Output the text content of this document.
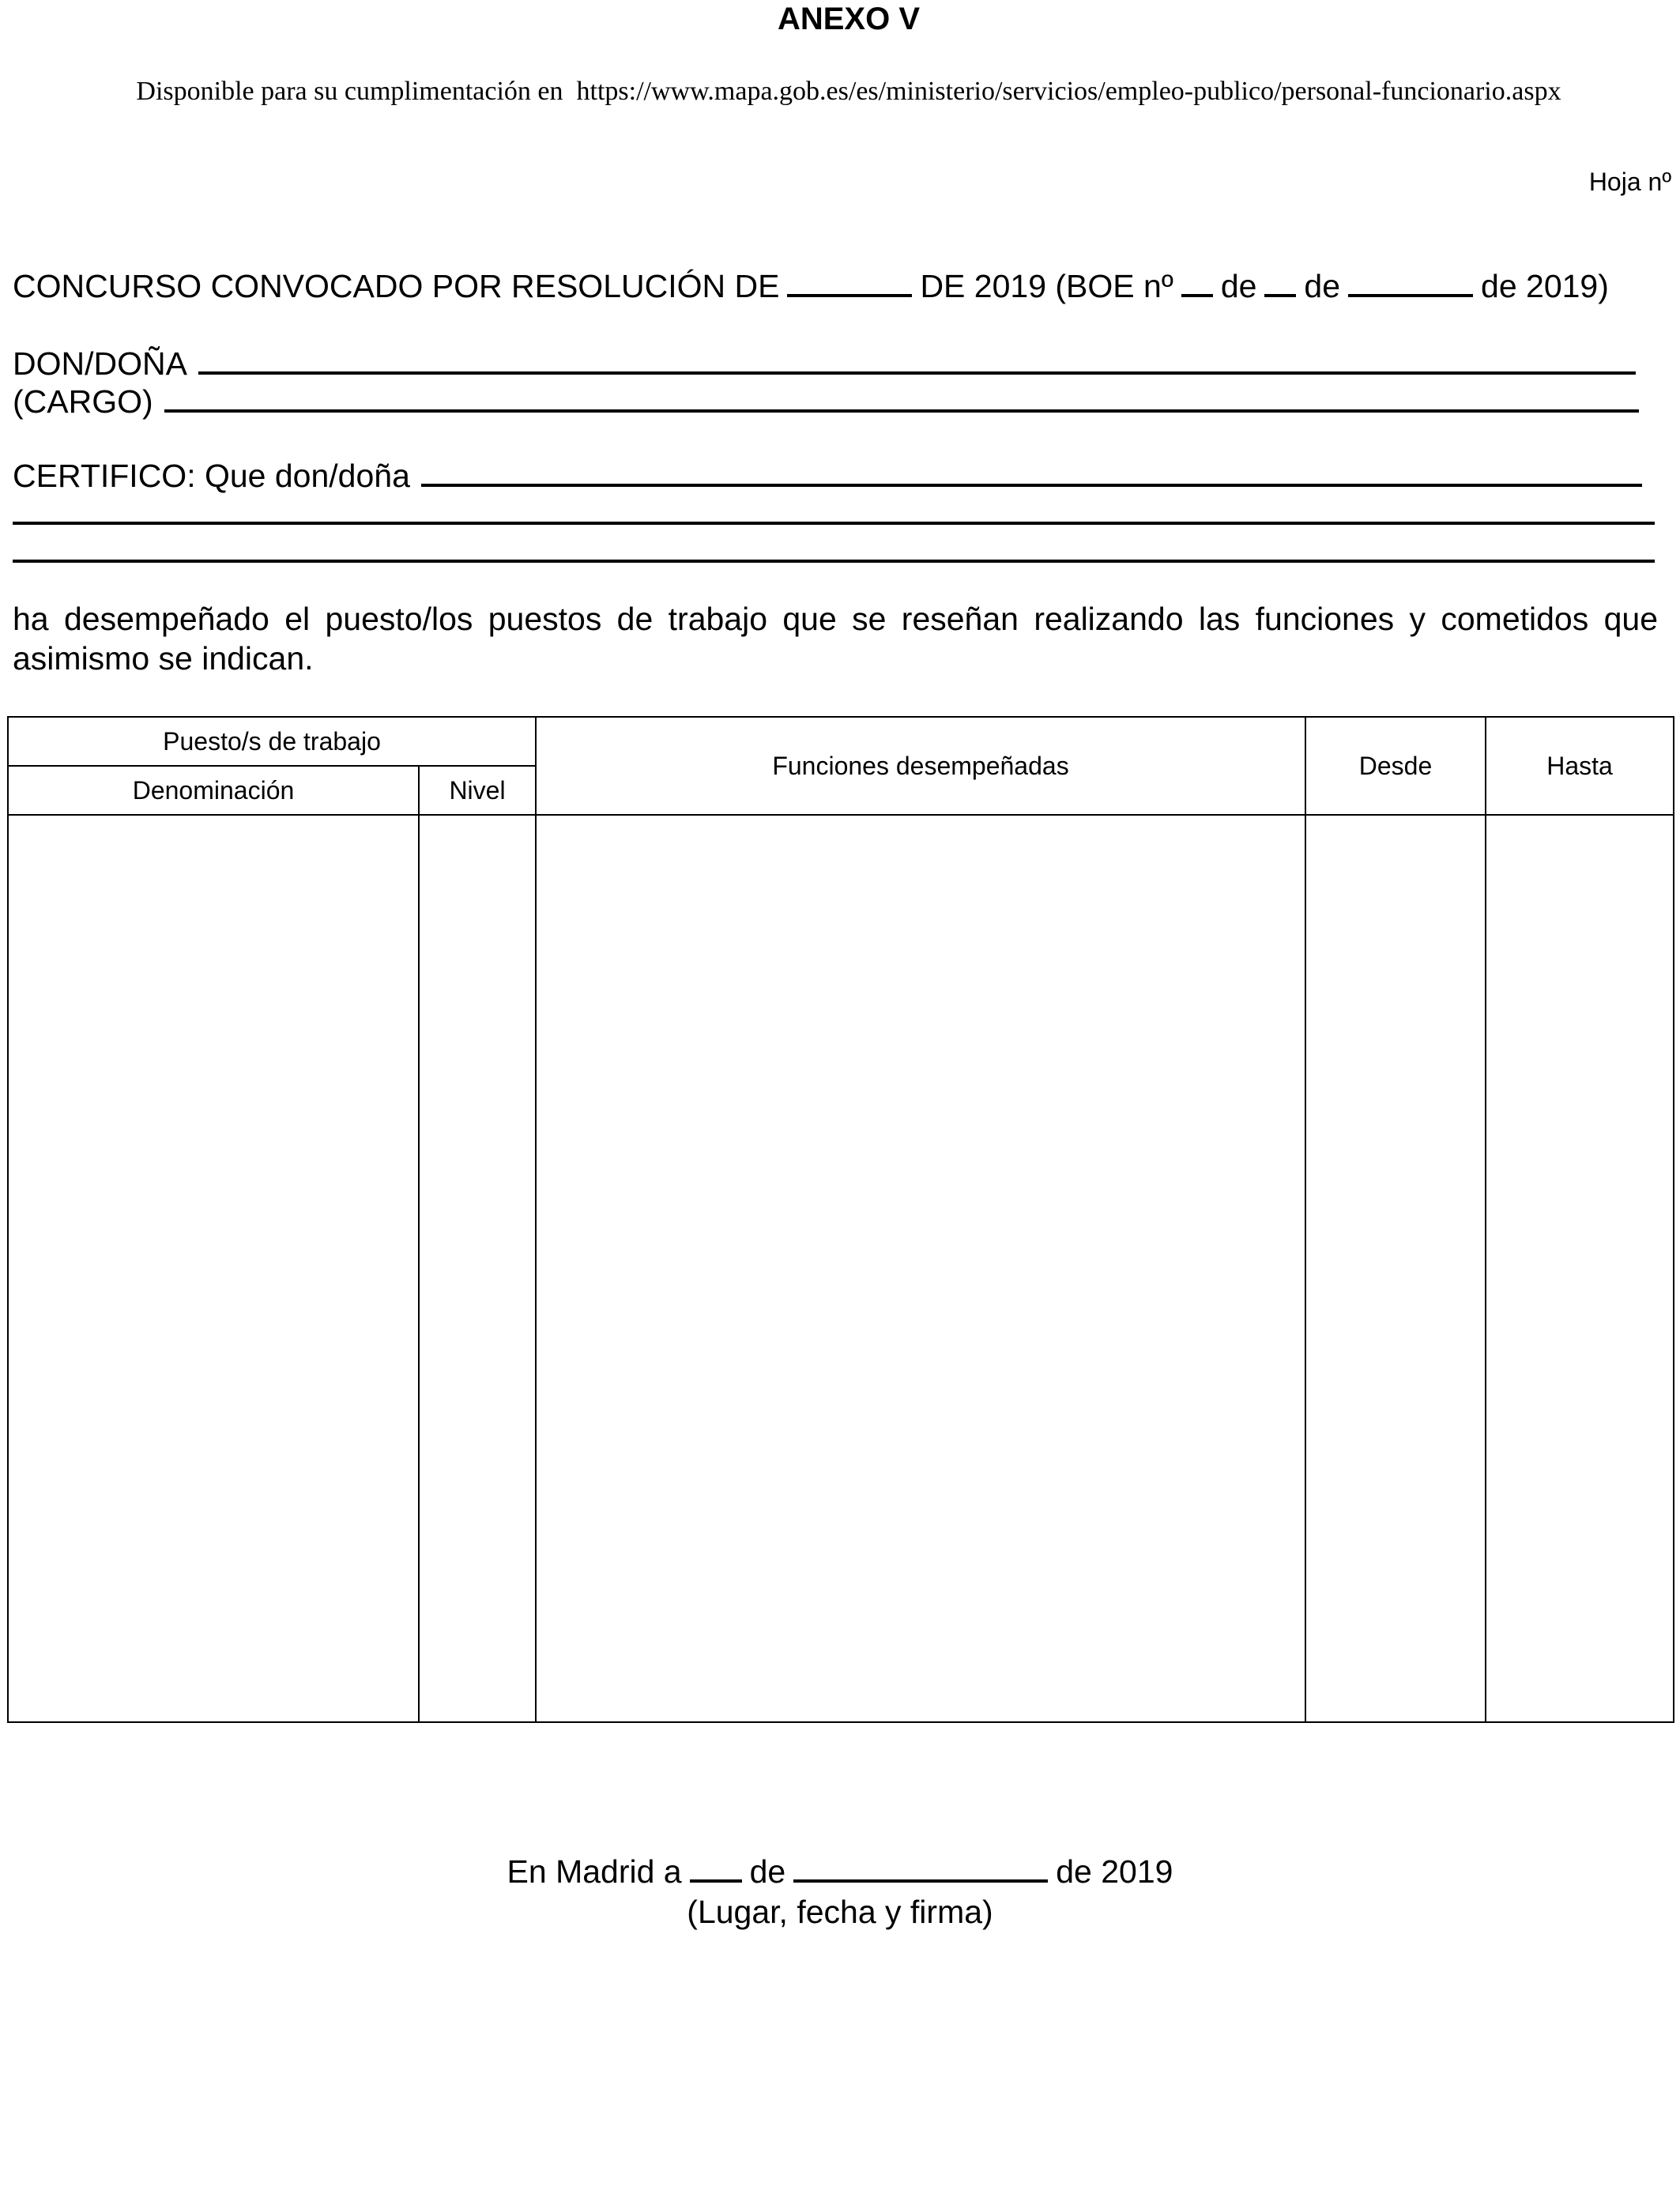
ANEXO V
Disponible para su cumplimentación en https://www.mapa.gob.es/es/ministerio/servicios/empleo-publico/personal-funcionario.aspx
Hoja nº
CONCURSO CONVOCADO POR RESOLUCIÓN DE	DE 2019 (BOE nº de de	de 2019)
DON/DOÑA
(CARGO)
CERTIFICO: Que don/doña
ha desempeñado el puesto/los puestos de trabajo que se reseñan realizando las funciones y cometidos que asimismo se indican.
Puesto/s de trabajo		Funciones desempeñadas	Desde	Hasta
Denominación	Nivel			

En Madrid a de	de 2019
(Lugar, fecha y firma)
